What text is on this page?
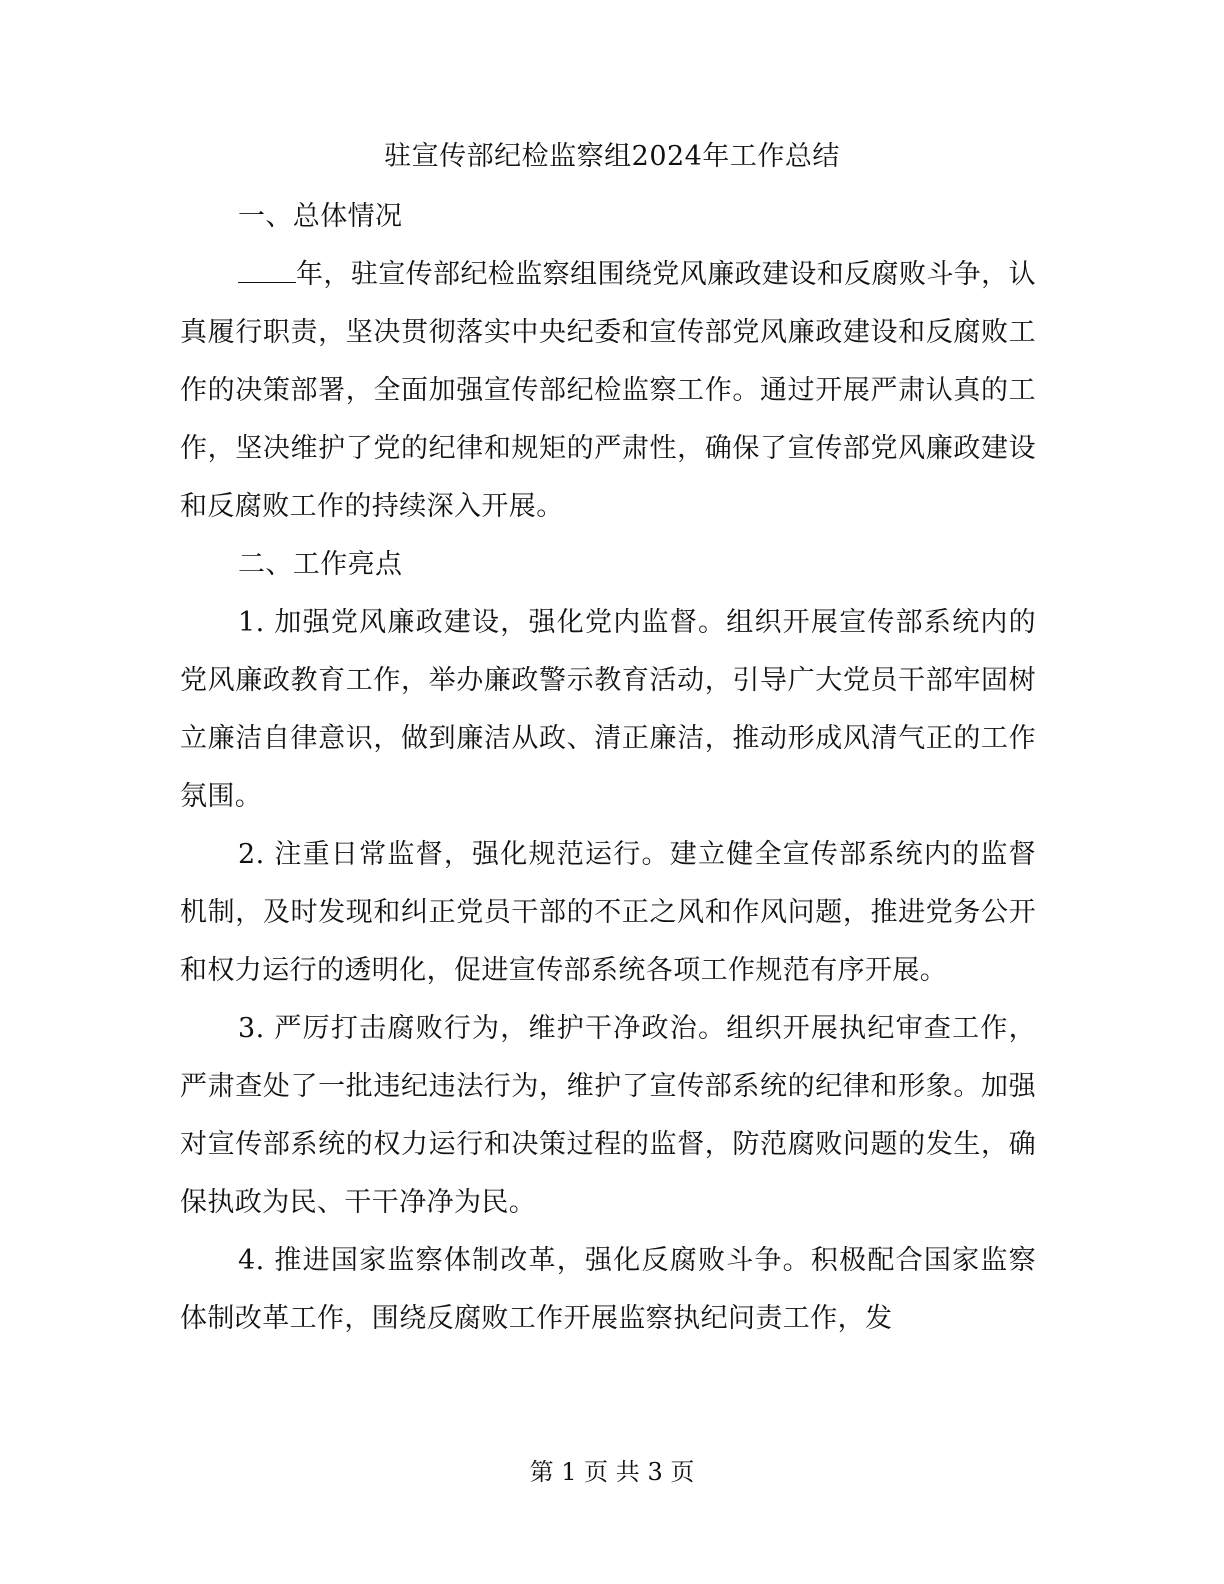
驻宣传部纪检监察组2024年工作总结

一、总体情况

年，驻宣传部纪检监察组围绕党风廉政建设和反腐败斗争，认真履行职责，坚决贯彻落实中央纪委和宣传部党风廉政建设和反腐败工作的决策部署，全面加强宣传部纪检监察工作。通过开展严肃认真的工作，坚决维护了党的纪律和规矩的严肃性，确保了宣传部党风廉政建设和反腐败工作的持续深入开展。

二、工作亮点

1. 加强党风廉政建设，强化党内监督。组织开展宣传部系统内的党风廉政教育工作，举办廉政警示教育活动，引导广大党员干部牢固树立廉洁自律意识，做到廉洁从政、清正廉洁，推动形成风清气正的工作氛围。

2. 注重日常监督，强化规范运行。建立健全宣传部系统内的监督机制，及时发现和纠正党员干部的不正之风和作风问题，推进党务公开和权力运行的透明化，促进宣传部系统各项工作规范有序开展。

3. 严厉打击腐败行为，维护干净政治。组织开展执纪审查工作，严肃查处了一批违纪违法行为，维护了宣传部系统的纪律和形象。加强对宣传部系统的权力运行和决策过程的监督，防范腐败问题的发生，确保执政为民、干干净净为民。

4. 推进国家监察体制改革，强化反腐败斗争。积极配合国家监察体制改革工作，围绕反腐败工作开展监察执纪问责工作，发

第 1 页 共 3 页
